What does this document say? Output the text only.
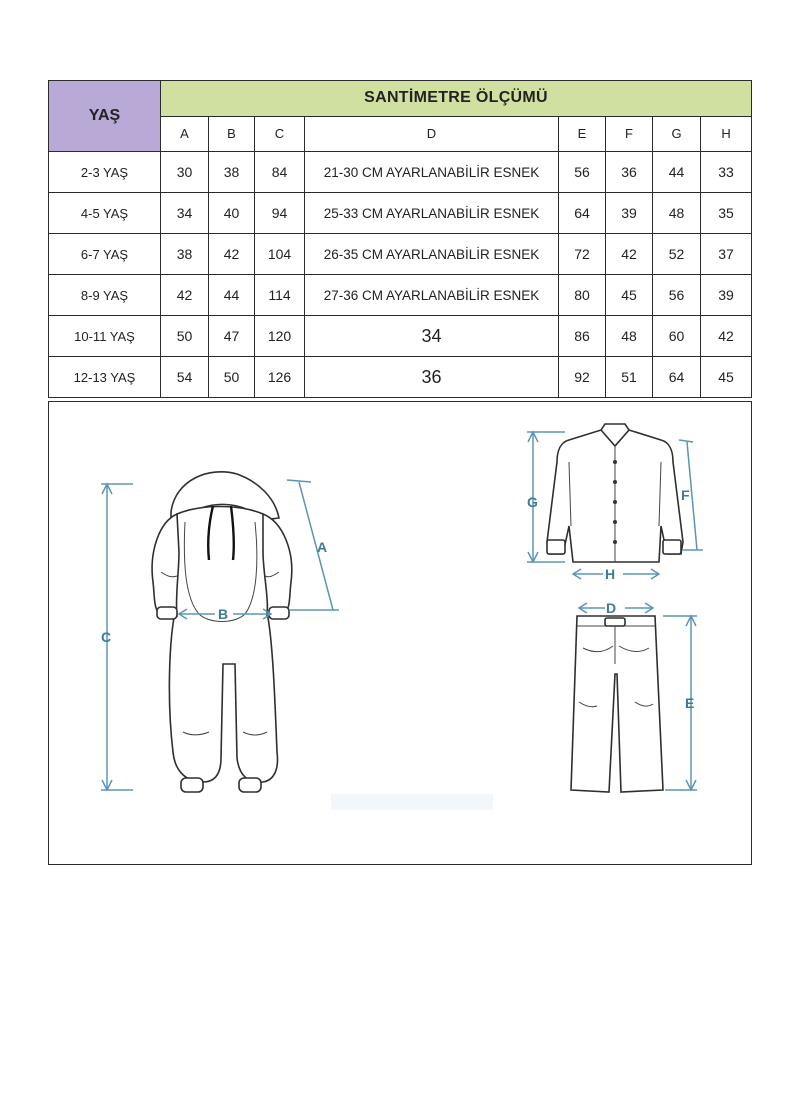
YAŞ	SANTİMETRE ÖLÇÜMÜ							
	A	B	C	D	E	F	G	H
2-3 YAŞ	30	38	84	21-30 CM AYARLANABİLİR ESNEK	56	36	44	33
4-5 YAŞ	34	40	94	25-33 CM AYARLANABİLİR ESNEK	64	39	48	35
6-7 YAŞ	38	42	104	26-35 CM AYARLANABİLİR ESNEK	72	42	52	37
8-9 YAŞ	42	44	114	27-36 CM AYARLANABİLİR ESNEK	80	45	56	39
10-11 YAŞ	50	47	120	34	86	48	60	42
12-13 YAŞ	54	50	126	36	92	51	64	45
C
A
B
G	F
H
D
E
